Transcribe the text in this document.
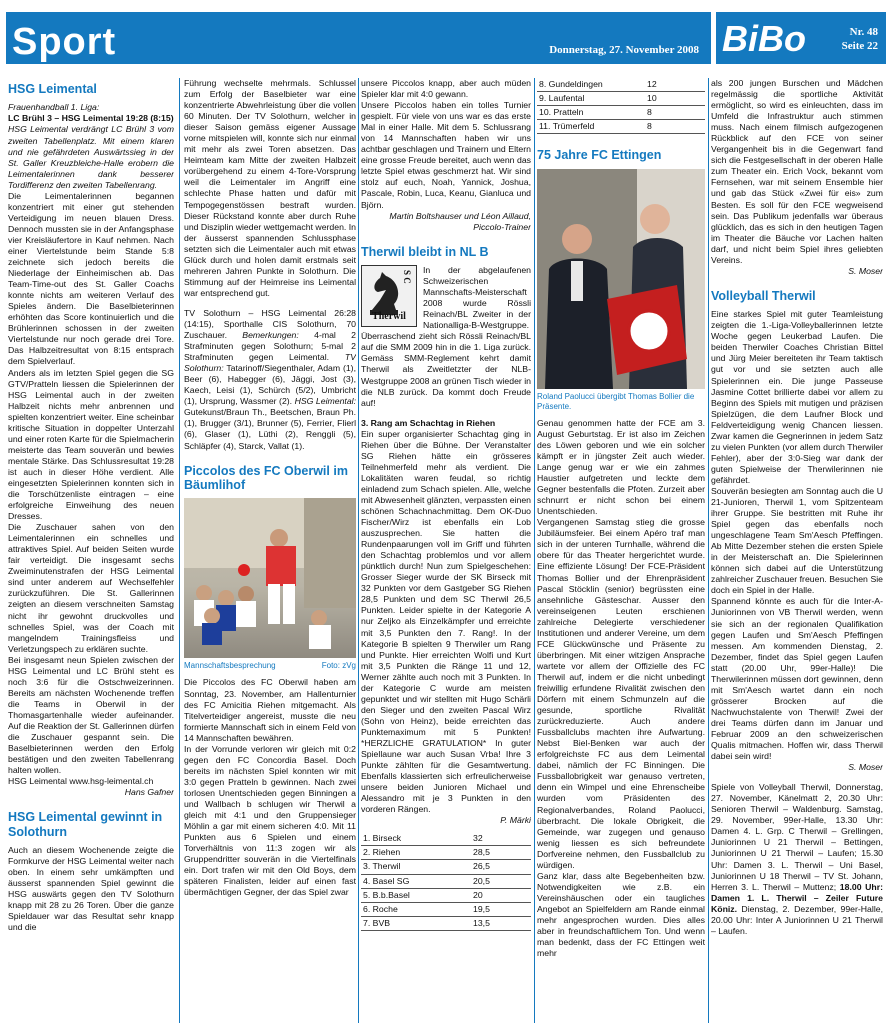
Sport	Donnerstag, 27. November 2008 BiBo	Nr. 48
Seite 22
HSG Leimental

Frauenhandball 1. Liga:

LC Brühl 3 – HSG Leimental 19:28 (8:15)

HSG Leimental verdrängt LC Brühl 3 vom zweiten Tabellenplatz. Mit einem klaren und nie gefährdeten Auswärtssieg in der St. Galler Kreuzbleiche-Halle erobern die Leimentalerinnen dank besserer Tordifferenz den zweiten Tabellenrang.

Die Leimentalerinnen begannen konzentriert mit einer gut stehenden Verteidigung im neuen blauen Dress. Dennoch mussten sie in der Anfangsphase vier Kreisläufertore in Kauf nehmen. Nach einer Viertelstunde beim Stande 5:8 zeichnete sich jedoch bereits die Niederlage der Einheimischen ab. Das Team-Time-out des St. Galler Coachs konnte nichts am weiteren Verlauf des Spieles ändern. Die Baselbieterinnen erhöhten das Score kontinuierlich und die Brühlerinnen schossen in der zweiten Viertelstunde nur noch gerade drei Tore. Das Halbzeitresultat von 8:15 entsprach dem Spielverlauf.

Anders als im letzten Spiel gegen die SG GTV/Pratteln liessen die Spielerinnen der HSG Leimental auch in der zweiten Halbzeit nichts mehr anbrennen und spielten konzentriert weiter. Eine scheinbar kritische Situation in doppelter Unterzahl und einer roten Karte für die Spielmacherin meisterte das Team souverän und bewies mentale Stärke. Das Schlussresultat 19:28 ist auch in dieser Höhe verdient. Alle eingesetzten Spielerinnen konnten sich in die Torschützenliste eintragen – eine erfolgreiche Einweihung des neuen Dresses.

Die Zuschauer sahen von den Leimentalerinnen ein schnelles und attraktives Spiel. Auf beiden Seiten wurde fair verteidigt. Die insgesamt sechs Zweiminutenstrafen der HSG Leimental sind unter anderem auf Wechselfehler zurückzuführen. Die St. Gallerinnen zeigten an diesem verschneiten Samstag nicht ihr gewohnt druckvolles und schnelles Spiel, was der Coach mit mangelndem Trainingsfleiss und Verletzungspech zu erklären suchte.

Bei insgesamt neun Spielen zwischen der HSG Leimental und LC Brühl steht es noch 3:6 für die Ostschweizerinnen. Bereits am nächsten Wochenende treffen die Teams in Oberwil in der Thomasgartenhalle wieder aufeinander. Auf die Reaktion der St. Gallerinnen dürfen die Zuschauer gespannt sein. Die Baselbieterinnen werden den Erfolg bestätigen und den zweiten Tabellenrang halten wollen.

HSG Leimental www.hsg-leimental.ch

Hans Gafner

HSG Leimental gewinnt in Solothurn

Auch an diesem Wochenende zeigte die Formkurve der HSG Leimental weiter nach oben. In einem sehr umkämpften und äusserst spannenden Spiel gewinnt die HSG auswärts gegen den TV Solothurn knapp mit 28 zu 26 Toren. Über die ganze Spieldauer war das Resultat sehr knapp und die

Führung wechselte mehrmals. Schlussel zum Erfolg der Baselbieter war eine konzentrierte Abwehrleistung über die vollen 60 Minuten. Der TV Solothurn, welcher in dieser Saison gemäss eigener Aussage vorne mitspielen will, konnte sich nur einmal mit mehr als zwei Toren absetzen. Das Heimteam kam Mitte der zweiten Halbzeit vorübergehend zu einem 4-Tore-Vorsprung weil die Leimentaler im Angriff eine schlechte Phase hatten und dafür mit Tempogegenstössen bestraft wurden. Dieser Rückstand konnte aber durch Ruhe und Disziplin wieder wettgemacht werden. In der äusserst spannenden Schlussphase setzten sich die Leimentaler auch mit etwas Glück durch und holen damit erstmals seit mehreren Jahren Punkte in Solothurn. Die Stimmung auf der Heimreise ins Leimental war entsprechend gut.

TV Solothurn – HSG Leimental 26:28 (14:15), Sporthalle CIS Solothurn, 70 Zuschauer. Bemerkungen: 4-mal 2 Strafminuten gegen Solothurn; 5-mal 2 Strafminuten gegen Leimental. TV Solothurn: Tatarinoff/Siegenthaler, Adam (1), Beer (6), Habegger (6), Jäggi, Jost (3), Kaech, Leisi (1), Schürch (5/2), Umbricht (1), Ursprung, Wassmer (2). HSG Leimental: Gutekunst/Braun Th., Beetschen, Braun Ph. (1), Brugger (3/1), Brunner (5), Ferrier, Flierl (6), Glaser (1), Lüthi (2), Renggli (5), Schläpfer (4), Starck, Vallat (1).

Piccolos des FC Oberwil im Bäumlihof
Mannschaftsbesprechung	Foto: zVg

Die Piccolos des FC Oberwil haben am Sonntag, 23. November, am Hallenturnier des FC Amicitia Riehen mitgemacht. Als Titelverteidiger angereist, musste die neu formierte Mannschaft sich in einem Feld von 14 Mannschaften bewähren.

In der Vorrunde verloren wir gleich mit 0:2 gegen den FC Concordia Basel. Doch bereits im nächsten Spiel konnten wir mit 3:0 gegen Pratteln b gewinnen. Nach zwei torlosen Unentschieden gegen Binningen a und Wallbach b schlugen wir Therwil a gleich mit 4:1 und den Gruppensieger Möhlin a gar mit einem sicheren 4:0. Mit 11 Punkten aus 6 Spielen und einem Torverhältnis von 11:3 zogen wir als Gruppendritter souverän in die Viertelfinals ein. Dort trafen wir mit den Old Boys, dem späteren Finalisten, leider auf einen fast übermächtigen Gegner, der das Spiel zwar

unsere Piccolos knapp, aber auch müden Spieler klar mit 4:0 gewann.

Unsere Piccolos haben ein tolles Turnier gespielt. Für viele von uns war es das erste Mal in einer Halle. Mit dem 5. Schlussrang von 14 Mannschaften haben wir uns achtbar geschlagen und Trainern und Eltern eine grosse Freude bereitet, auch wenn das letzte Spiel etwas geschmerzt hat. Wir sind stolz auf euch, Noah, Yannick, Joshua, Pascale, Robin, Luca, Keanu, Gianluca und Björn.

Martin Boltshauser und Léon Aillaud, Piccolo-Trainer

Therwil bleibt in NL B
S C
Therwil

In der abgelaufenen Schweizerischen Mannschafts-Meisterschaft 2008 wurde Rössli Reinach/BL Zweiter in der Nationalliga-B-Westgruppe. Überraschend zieht sich Rössli Reinach/BL auf die SMM 2009 hin in die 1. Liga zurück. Gemäss SMM-Reglement kehrt damit Therwil als Zweitletzter der NLB-Westgruppe 2008 an grünen Tisch wieder in die NLB zurück. Da kommt doch Freude auf!

3. Rang am Schachtag in Riehen

Ein super organisierter Schachtag ging in Riehen über die Bühne. Der Veranstalter SG Riehen hätte ein grösseres Teilnehmerfeld mehr als verdient. Die Lokalitäten waren feudal, so richtig einladend zum Schach spielen. Alle, welche mit Abwesenheit glänzten, verpassten einen schönen Schachnachmittag. Dem OK-Duo Fischer/Wirz ist ebenfalls ein Lob auszusprechen. Sie hatten die Rundenpaarungen voll im Griff und führten den Schachtag problemlos und vor allem pünktlich durch! Nun zum Spielgeschehen: Grosser Sieger wurde der SK Birseck mit 32 Punkten vor dem Gastgeber SG Riehen 28,5 Punkten und dem SC Therwil 26,5 Punkten. Leider spielte in der Kategorie A nur Zeljko als Einzelkämpfer und erreichte mit 3,5 Punkten den 7. Rang!. In der Kategorie B spielten 9 Therwiler um Rang und Punkte. Hier erreichten Wolfi und Kurt mit 3,5 Punkten die Ränge 11 und 12, Werner zählte auch noch mit 3 Punkten. In der Kategorie C wurde am meisten gepunktet und wir stellten mit Hugo Schärli den Sieger und den zweiten Pascal Wirz (Sohn von Heinz), beide erreichten das Punktemaximum mit 5 Punkten! *HERZLICHE GRATULATION* In guter Spiellaune war auch Susan Vrba! Ihre 3 Punkte zählten für die Gesamtwertung. Ebenfalls klassierten sich erfreulicherweise unsere beiden Junioren Michael und Alessandro mit je 3 Punkten in den vorderen Rängen.

P. Märki

1. Birseck	32
2. Riehen	28,5
3. Therwil	26,5
4. Basel SG	20,5
5. B.b.Basel	20
6. Roche	19,5
7. BVB	13,5
8. Gundeldingen	12
9. Laufental	10
10. Pratteln	8
11. Trümerfeld	8
75 Jahre FC Ettingen
Roland Paolucci übergibt Thomas Bollier die Präsente.

Genau genommen hatte der FCE am 3. August Geburtstag. Er ist also im Zeichen des Löwen geboren und wie ein solcher kämpft er in jüngster Zeit auch wieder. Lange genug war er wie ein zahmes Haustier aufgetreten und leckte dem Gegner bestenfalls die Pfoten. Zurzeit aber schnurrt er nicht schon bei einem Unentschieden.

Vergangenen Samstag stieg die grosse Jubiläumsfeier. Bei einem Apéro traf man sich in der unteren Turnhalle, während die obere für das Theater hergerichtet wurde. Eine effiziente Lösung! Der FCE-Präsident Thomas Bollier und der Ehrenpräsident Pascal Stöcklin (senior) begrüssten eine ansehnliche Gästeschar. Ausser den vereinseigenen Leuten erschienen zahlreiche Delegierte verschiedener Institutionen und anderer Vereine, um dem FCE Glückwünsche und Präsente zu überbringen. Mit einer witzigen Ansprache wartete vor allem der Offizielle des FC Therwil auf, indem er die nicht unbedingt freiwillig erfundene Rivalität zwischen den Dörfern mit einem Schmunzeln auf die gesunde, sportliche Rivalität zurückreduzierte. Auch andere Fussballclubs machten ihre Aufwartung. Nebst Biel-Benken war auch der erfolgreichste FC aus dem Leimental dabei, nämlich der FC Binningen. Die Fussballobrigkeit war genauso vertreten, denn ein Wimpel und eine Ehrenscheibe wurden vom Präsidenten des Regionalverbandes, Roland Paolucci, überbracht. Die lokale Obrigkeit, die Gemeinde, war zugegen und genauso wenig liessen es sich befreundete Dorfvereine nehmen, den Fussballclub zu würdigen.

Ganz klar, dass alte Begebenheiten bzw. Notwendigkeiten wie z.B. ein Vereinshäuschen oder ein taugliches Angebot an Spielfeldern am Rande einmal mehr angesprochen wurden. Dies alles aber in freundschaftlichem Ton. Und wenn man bedenkt, dass der FC Ettingen weit mehr

als 200 jungen Burschen und Mädchen regelmässig die sportliche Aktivität ermöglicht, so wird es einleuchten, dass im Umfeld die Infrastruktur auch stimmen muss. Nach einem filmisch aufgezogenen Rückblick auf den FCE von seiner Vergangenheit bis in die Gegenwart fand sich die Festgesellschaft in der oberen Halle zum Theater ein. Erich Vock, bekannt vom Fernsehen, war mit seinem Ensemble hier und gab das Stück «Zwei für eis» zum Besten. Es soll für den FCE wegweisend sein. Das Publikum jedenfalls war überaus glücklich, das es sich in den heutigen Tagen im Theater die Bäuche vor Lachen halten darf, und nicht beim Spiel ihres geliebten Vereins.

S. Moser

Volleyball Therwil

Eine starkes Spiel mit guter Teamleistung zeigten die 1.-Liga-Volleyballerinnen letzte Woche gegen Leukerbad Laufen. Die beiden Therwiler Coaches Christian Bittel und Jürg Meier bereiteten ihr Team taktisch gut vor und sie setzten auch alle Spielerinnen ein. Die junge Passeuse Jasmine Cottet brillierte dabei vor allem zu Beginn des Spiels mit mutigen und präzisen Spielzügen, die dem Laufner Block und Feldverteidigung wenig Chancen liessen. Zwar kamen die Gegnerinnen in jedem Satz zu vielen Punkten (vor allem durch Therwiler Fehler), aber der 3:0-Sieg war dank der guten Spielweise der Therwilerinnen nie gefährdet.

Souverän besiegten am Sonntag auch die U 21-Junioren, Therwil 1, vom Spitzenteam ihrer Gruppe. Sie bestritten mit Ruhe ihr Spiel gegen das ebenfalls noch ungeschlagene Team Sm'Aesch Pfeffingen. Ab Mitte Dezember stehen die ersten Spiele in der Meisterschaft an. Die Spielerinnen können sich dabei auf die Unterstützung zahlreicher Zuschauer freuen. Besuchen Sie doch ein Spiel in der Halle.

Spannend könnte es auch für die Inter-A-Juniorinnen von VB Therwil werden, wenn sie sich an der regionalen Qualifikation gegen Laufen und Sm'Aesch Pfeffingen messen. Am kommenden Dienstag, 2. Dezember, findet das Spiel gegen Laufen statt (20.00 Uhr, 99er-Halle)! Die Therwilerinnen müssen dort gewinnen, denn mit Sm'Aesch wartet dann ein noch grösserer Brocken auf die Nachwuchstalente von Therwil! Zwei der drei Teams dürfen dann im Januar und Februar 2009 an den schweizerischen Qualis mitmachen. Hoffen wir, dass Therwil dabei sein wird!

S. Moser

Spiele von Volleyball Therwil, Donnerstag, 27. November, Känelmatt 2, 20.30 Uhr: Senioren Therwil – Waldenburg. Samstag, 29. November, 99er-Halle, 13.30 Uhr: Damen 4. L. Grp. C Therwil – Grellingen, Juniorinnen U 21 Therwil – Bettingen, Juniorinnen U 21 Therwil – Laufen; 15.30 Uhr: Damen 3. L. Therwil – Uni Basel, Juniorinnen U 18 Therwil – TV St. Johann, Herren 3. L. Therwil – Muttenz; 18.00 Uhr: Damen 1. L. Therwil – Zeiler Future Köniz. Dienstag, 2. Dezember, 99er-Halle, 20.00 Uhr: Inter A Juniorinnen U 21 Therwil – Laufen.
